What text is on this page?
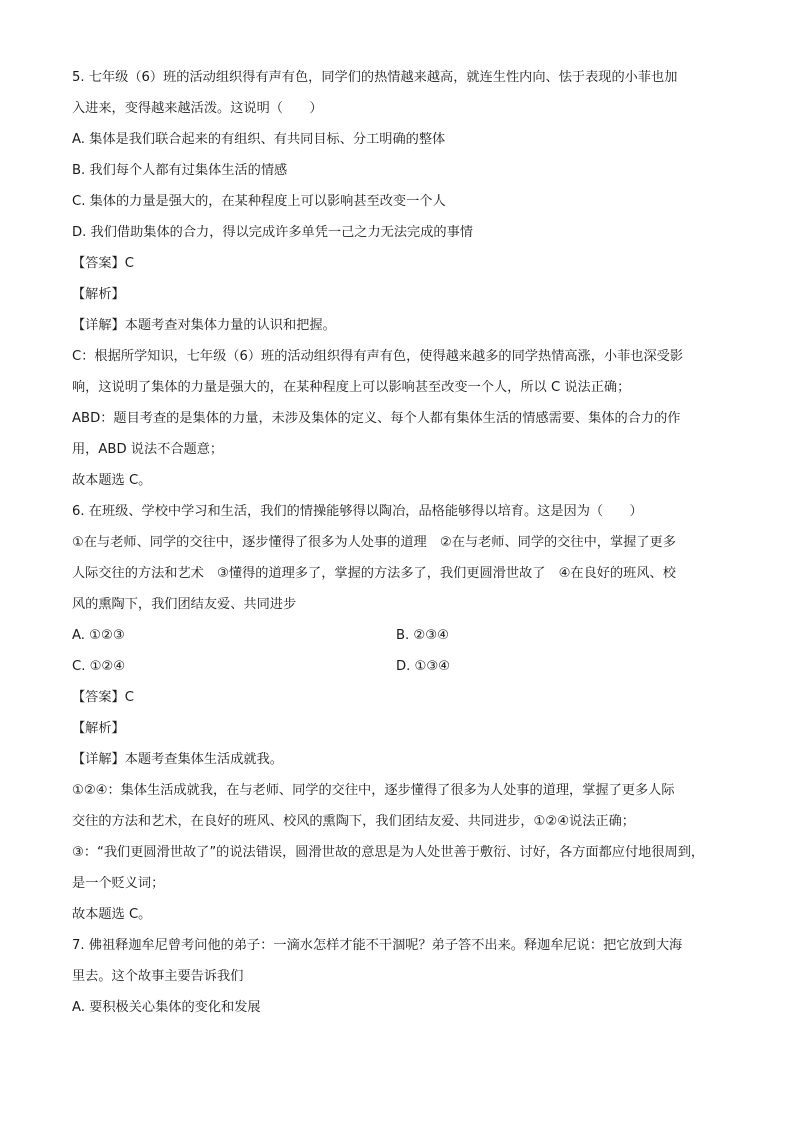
5. 七年级（6）班的活动组织得有声有色，同学们的热情越来越高，就连生性内向、怯于表现的小菲也加
入进来，变得越来越活泼。这说明（　　）
A. 集体是我们联合起来的有组织、有共同目标、分工明确的整体
B. 我们每个人都有过集体生活的情感
C. 集体的力量是强大的，在某种程度上可以影响甚至改变一个人
D. 我们借助集体的合力，得以完成许多单凭一己之力无法完成的事情
【答案】C
【解析】
【详解】本题考查对集体力量的认识和把握。
C：根据所学知识，七年级（6）班的活动组织得有声有色，使得越来越多的同学热情高涨，小菲也深受影
响，这说明了集体的力量是强大的，在某种程度上可以影响甚至改变一个人，所以 C 说法正确；
ABD：题目考查的是集体的力量，未涉及集体的定义、每个人都有集体生活的情感需要、集体的合力的作
用，ABD 说法不合题意；
故本题选 C。
6. 在班级、学校中学习和生活，我们的情操能够得以陶冶，品格能够得以培育。这是因为（　　）
①在与老师、同学的交往中，逐步懂得了很多为人处事的道理　②在与老师、同学的交往中，掌握了更多
人际交往的方法和艺术　③懂得的道理多了，掌握的方法多了，我们更圆滑世故了　④在良好的班风、校
风的熏陶下，我们团结友爱、共同进步
A. ①②③	B. ②③④
C. ①②④	D. ①③④
【答案】C
【解析】
【详解】本题考查集体生活成就我。
①②④：集体生活成就我，在与老师、同学的交往中，逐步懂得了很多为人处事的道理，掌握了更多人际
交往的方法和艺术，在良好的班风、校风的熏陶下，我们团结友爱、共同进步，①②④说法正确；
③：“我们更圆滑世故了”的说法错误，圆滑世故的意思是为人处世善于敷衍、讨好，各方面都应付地很周到，
是一个贬义词；
故本题选 C。
7. 佛祖释迦牟尼曾考问他的弟子：一滴水怎样才能不干涸呢？弟子答不出来。释迦牟尼说：把它放到大海
里去。这个故事主要告诉我们
A. 要积极关心集体的变化和发展
